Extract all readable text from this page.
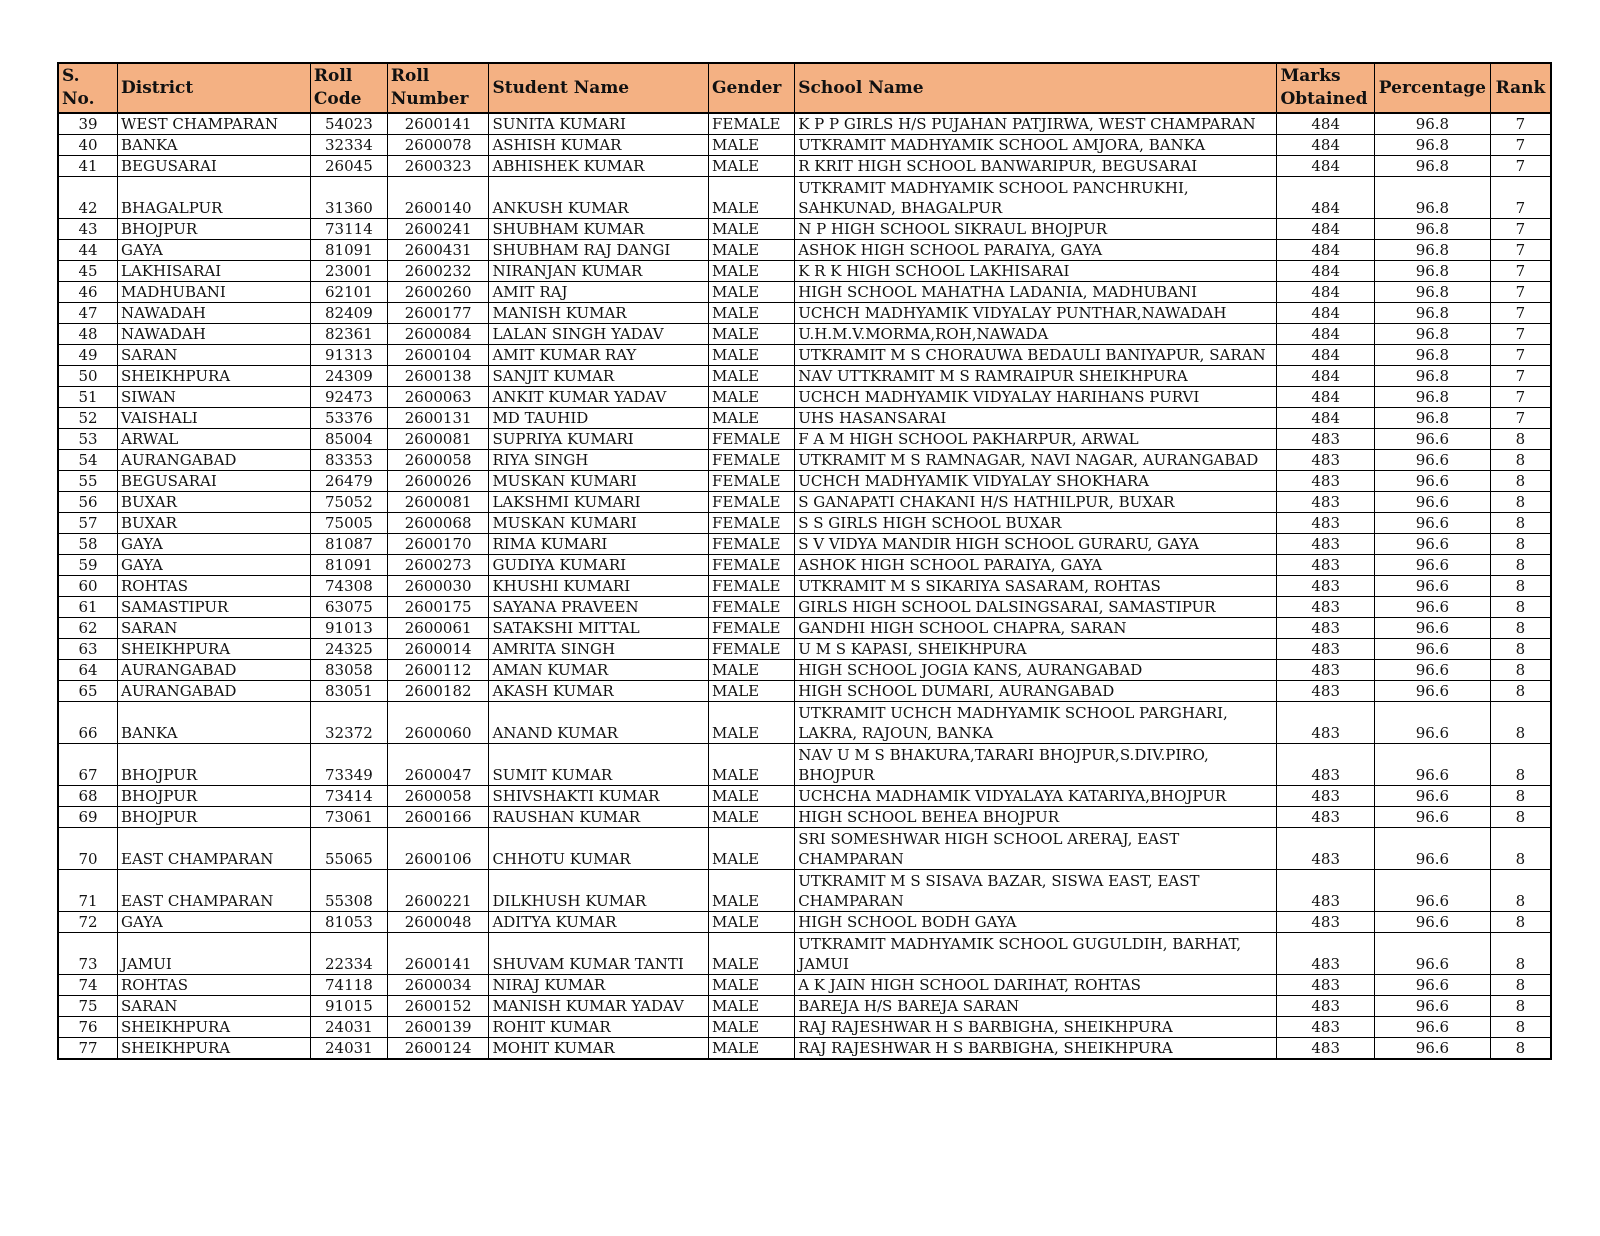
S. No.	District	Roll Code	Roll Number	Student Name	Gender	School Name	Marks Obtained	Percentage	Rank
39	WEST CHAMPARAN	54023	2600141	SUNITA KUMARI	FEMALE	K P P GIRLS H/S PUJAHAN PATJIRWA, WEST CHAMPARAN	484	96.8	7
40	BANKA	32334	2600078	ASHISH KUMAR	MALE	UTKRAMIT MADHYAMIK SCHOOL AMJORA, BANKA	484	96.8	7
41	BEGUSARAI	26045	2600323	ABHISHEK KUMAR	MALE	R KRIT HIGH SCHOOL BANWARIPUR, BEGUSARAI	484	96.8	7
42	BHAGALPUR	31360	2600140	ANKUSH KUMAR	MALE	UTKRAMIT MADHYAMIK SCHOOL PANCHRUKHI, SAHKUNAD, BHAGALPUR	484	96.8	7
43	BHOJPUR	73114	2600241	SHUBHAM KUMAR	MALE	N P HIGH SCHOOL SIKRAUL BHOJPUR	484	96.8	7
44	GAYA	81091	2600431	SHUBHAM RAJ DANGI	MALE	ASHOK HIGH SCHOOL PARAIYA, GAYA	484	96.8	7
45	LAKHISARAI	23001	2600232	NIRANJAN KUMAR	MALE	K R K HIGH SCHOOL LAKHISARAI	484	96.8	7
46	MADHUBANI	62101	2600260	AMIT RAJ	MALE	HIGH SCHOOL MAHATHA LADANIA, MADHUBANI	484	96.8	7
47	NAWADAH	82409	2600177	MANISH KUMAR	MALE	UCHCH MADHYAMIK VIDYALAY PUNTHAR,NAWADAH	484	96.8	7
48	NAWADAH	82361	2600084	LALAN SINGH YADAV	MALE	U.H.M.V.MORMA,ROH,NAWADA	484	96.8	7
49	SARAN	91313	2600104	AMIT KUMAR RAY	MALE	UTKRAMIT M S CHORAUWA BEDAULI BANIYAPUR, SARAN	484	96.8	7
50	SHEIKHPURA	24309	2600138	SANJIT KUMAR	MALE	NAV UTTKRAMIT M S RAMRAIPUR SHEIKHPURA	484	96.8	7
51	SIWAN	92473	2600063	ANKIT KUMAR YADAV	MALE	UCHCH MADHYAMIK VIDYALAY HARIHANS PURVI	484	96.8	7
52	VAISHALI	53376	2600131	MD TAUHID	MALE	UHS HASANSARAI	484	96.8	7
53	ARWAL	85004	2600081	SUPRIYA KUMARI	FEMALE	F A M HIGH SCHOOL PAKHARPUR, ARWAL	483	96.6	8
54	AURANGABAD	83353	2600058	RIYA SINGH	FEMALE	UTKRAMIT M S RAMNAGAR, NAVI NAGAR, AURANGABAD	483	96.6	8
55	BEGUSARAI	26479	2600026	MUSKAN KUMARI	FEMALE	UCHCH MADHYAMIK VIDYALAY SHOKHARA	483	96.6	8
56	BUXAR	75052	2600081	LAKSHMI KUMARI	FEMALE	S GANAPATI CHAKANI H/S HATHILPUR, BUXAR	483	96.6	8
57	BUXAR	75005	2600068	MUSKAN KUMARI	FEMALE	S S GIRLS HIGH SCHOOL BUXAR	483	96.6	8
58	GAYA	81087	2600170	RIMA KUMARI	FEMALE	S V VIDYA MANDIR HIGH SCHOOL GURARU, GAYA	483	96.6	8
59	GAYA	81091	2600273	GUDIYA KUMARI	FEMALE	ASHOK HIGH SCHOOL PARAIYA, GAYA	483	96.6	8
60	ROHTAS	74308	2600030	KHUSHI KUMARI	FEMALE	UTKRAMIT M S SIKARIYA SASARAM, ROHTAS	483	96.6	8
61	SAMASTIPUR	63075	2600175	SAYANA PRAVEEN	FEMALE	GIRLS HIGH SCHOOL DALSINGSARAI, SAMASTIPUR	483	96.6	8
62	SARAN	91013	2600061	SATAKSHI MITTAL	FEMALE	GANDHI HIGH SCHOOL CHAPRA, SARAN	483	96.6	8
63	SHEIKHPURA	24325	2600014	AMRITA SINGH	FEMALE	U M S KAPASI, SHEIKHPURA	483	96.6	8
64	AURANGABAD	83058	2600112	AMAN KUMAR	MALE	HIGH SCHOOL JOGIA KANS, AURANGABAD	483	96.6	8
65	AURANGABAD	83051	2600182	AKASH KUMAR	MALE	HIGH SCHOOL DUMARI, AURANGABAD	483	96.6	8
66	BANKA	32372	2600060	ANAND KUMAR	MALE	UTKRAMIT UCHCH MADHYAMIK SCHOOL PARGHARI, LAKRA, RAJOUN, BANKA	483	96.6	8
67	BHOJPUR	73349	2600047	SUMIT KUMAR	MALE	NAV U M S BHAKURA,TARARI BHOJPUR,S.DIV.PIRO, BHOJPUR	483	96.6	8
68	BHOJPUR	73414	2600058	SHIVSHAKTI KUMAR	MALE	UCHCHA MADHAMIK VIDYALAYA KATARIYA,BHOJPUR	483	96.6	8
69	BHOJPUR	73061	2600166	RAUSHAN KUMAR	MALE	HIGH SCHOOL BEHEA BHOJPUR	483	96.6	8
70	EAST CHAMPARAN	55065	2600106	CHHOTU KUMAR	MALE	SRI SOMESHWAR HIGH SCHOOL ARERAJ, EAST CHAMPARAN	483	96.6	8
71	EAST CHAMPARAN	55308	2600221	DILKHUSH KUMAR	MALE	UTKRAMIT M S SISAVA BAZAR, SISWA EAST, EAST CHAMPARAN	483	96.6	8
72	GAYA	81053	2600048	ADITYA KUMAR	MALE	HIGH SCHOOL BODH GAYA	483	96.6	8
73	JAMUI	22334	2600141	SHUVAM KUMAR TANTI	MALE	UTKRAMIT MADHYAMIK SCHOOL GUGULDIH, BARHAT, JAMUI	483	96.6	8
74	ROHTAS	74118	2600034	NIRAJ KUMAR	MALE	A K JAIN HIGH SCHOOL DARIHAT, ROHTAS	483	96.6	8
75	SARAN	91015	2600152	MANISH KUMAR YADAV	MALE	BAREJA H/S BAREJA SARAN	483	96.6	8
76	SHEIKHPURA	24031	2600139	ROHIT KUMAR	MALE	RAJ RAJESHWAR H S BARBIGHA, SHEIKHPURA	483	96.6	8
77	SHEIKHPURA	24031	2600124	MOHIT KUMAR	MALE	RAJ RAJESHWAR H S BARBIGHA, SHEIKHPURA	483	96.6	8
